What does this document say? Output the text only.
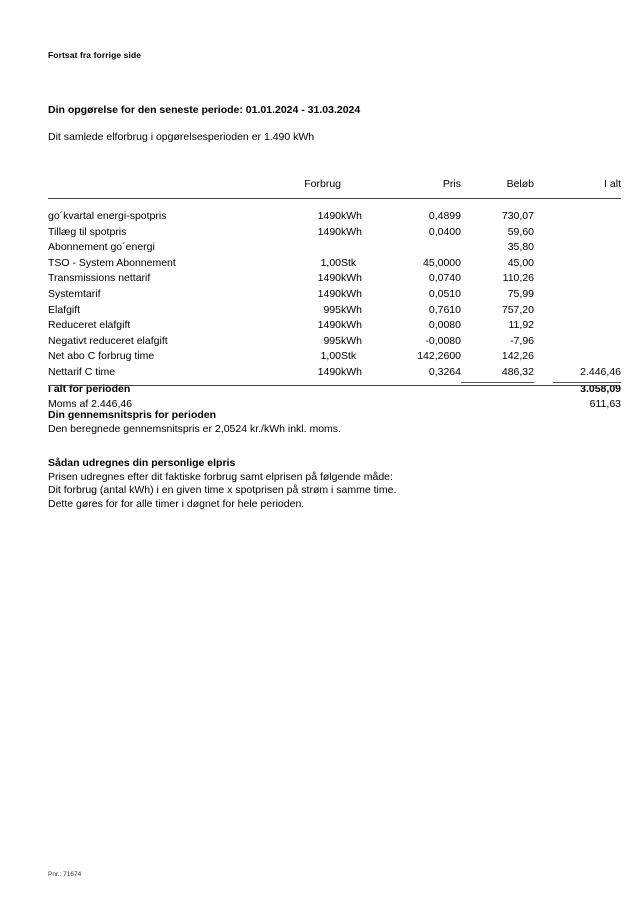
Fortsat fra forrige side
Din opgørelse for den seneste periode: 01.01.2024 - 31.03.2024
Dit samlede elforbrug i opgørelsesperioden er 1.490 kWh
	Forbrug		Pris	Beløb		I alt

go´kvartal energi-spotpris	1490	kWh	0,4899	730,07		
Tillæg til spotpris	1490	kWh	0,0400	59,60		
Abonnement go´energi				35,80		
TSO - System Abonnement	1,00	Stk	45,0000	45,00		
Transmissions nettarif	1490	kWh	0,0740	110,26		
Systemtarif	1490	kWh	0,0510	75,99		
Elafgift	995	kWh	0,7610	757,20		
Reduceret elafgift	1490	kWh	0,0080	11,92		
Negativt reduceret elafgift	995	kWh	-0,0080	-7,96		
Net abo C forbrug time	1,00	Stk	142,2600	142,26		
Nettarif C time	1490	kWh	0,3264	486,32		2.446,46
I alt for perioden						3.058,09
Moms af 2.446,46						611,63
Din gennemsnitspris for perioden
Den beregnede gennemsnitspris er 2,0524 kr./kWh inkl. moms.
Sådan udregnes din personlige elpris
Prisen udregnes efter dit faktiske forbrug samt elprisen på følgende måde:
Dit forbrug (antal kWh) i en given time x spotprisen på strøm i samme time.
Dette gøres for for alle timer i døgnet for hele perioden.
Pnr.: 71674
